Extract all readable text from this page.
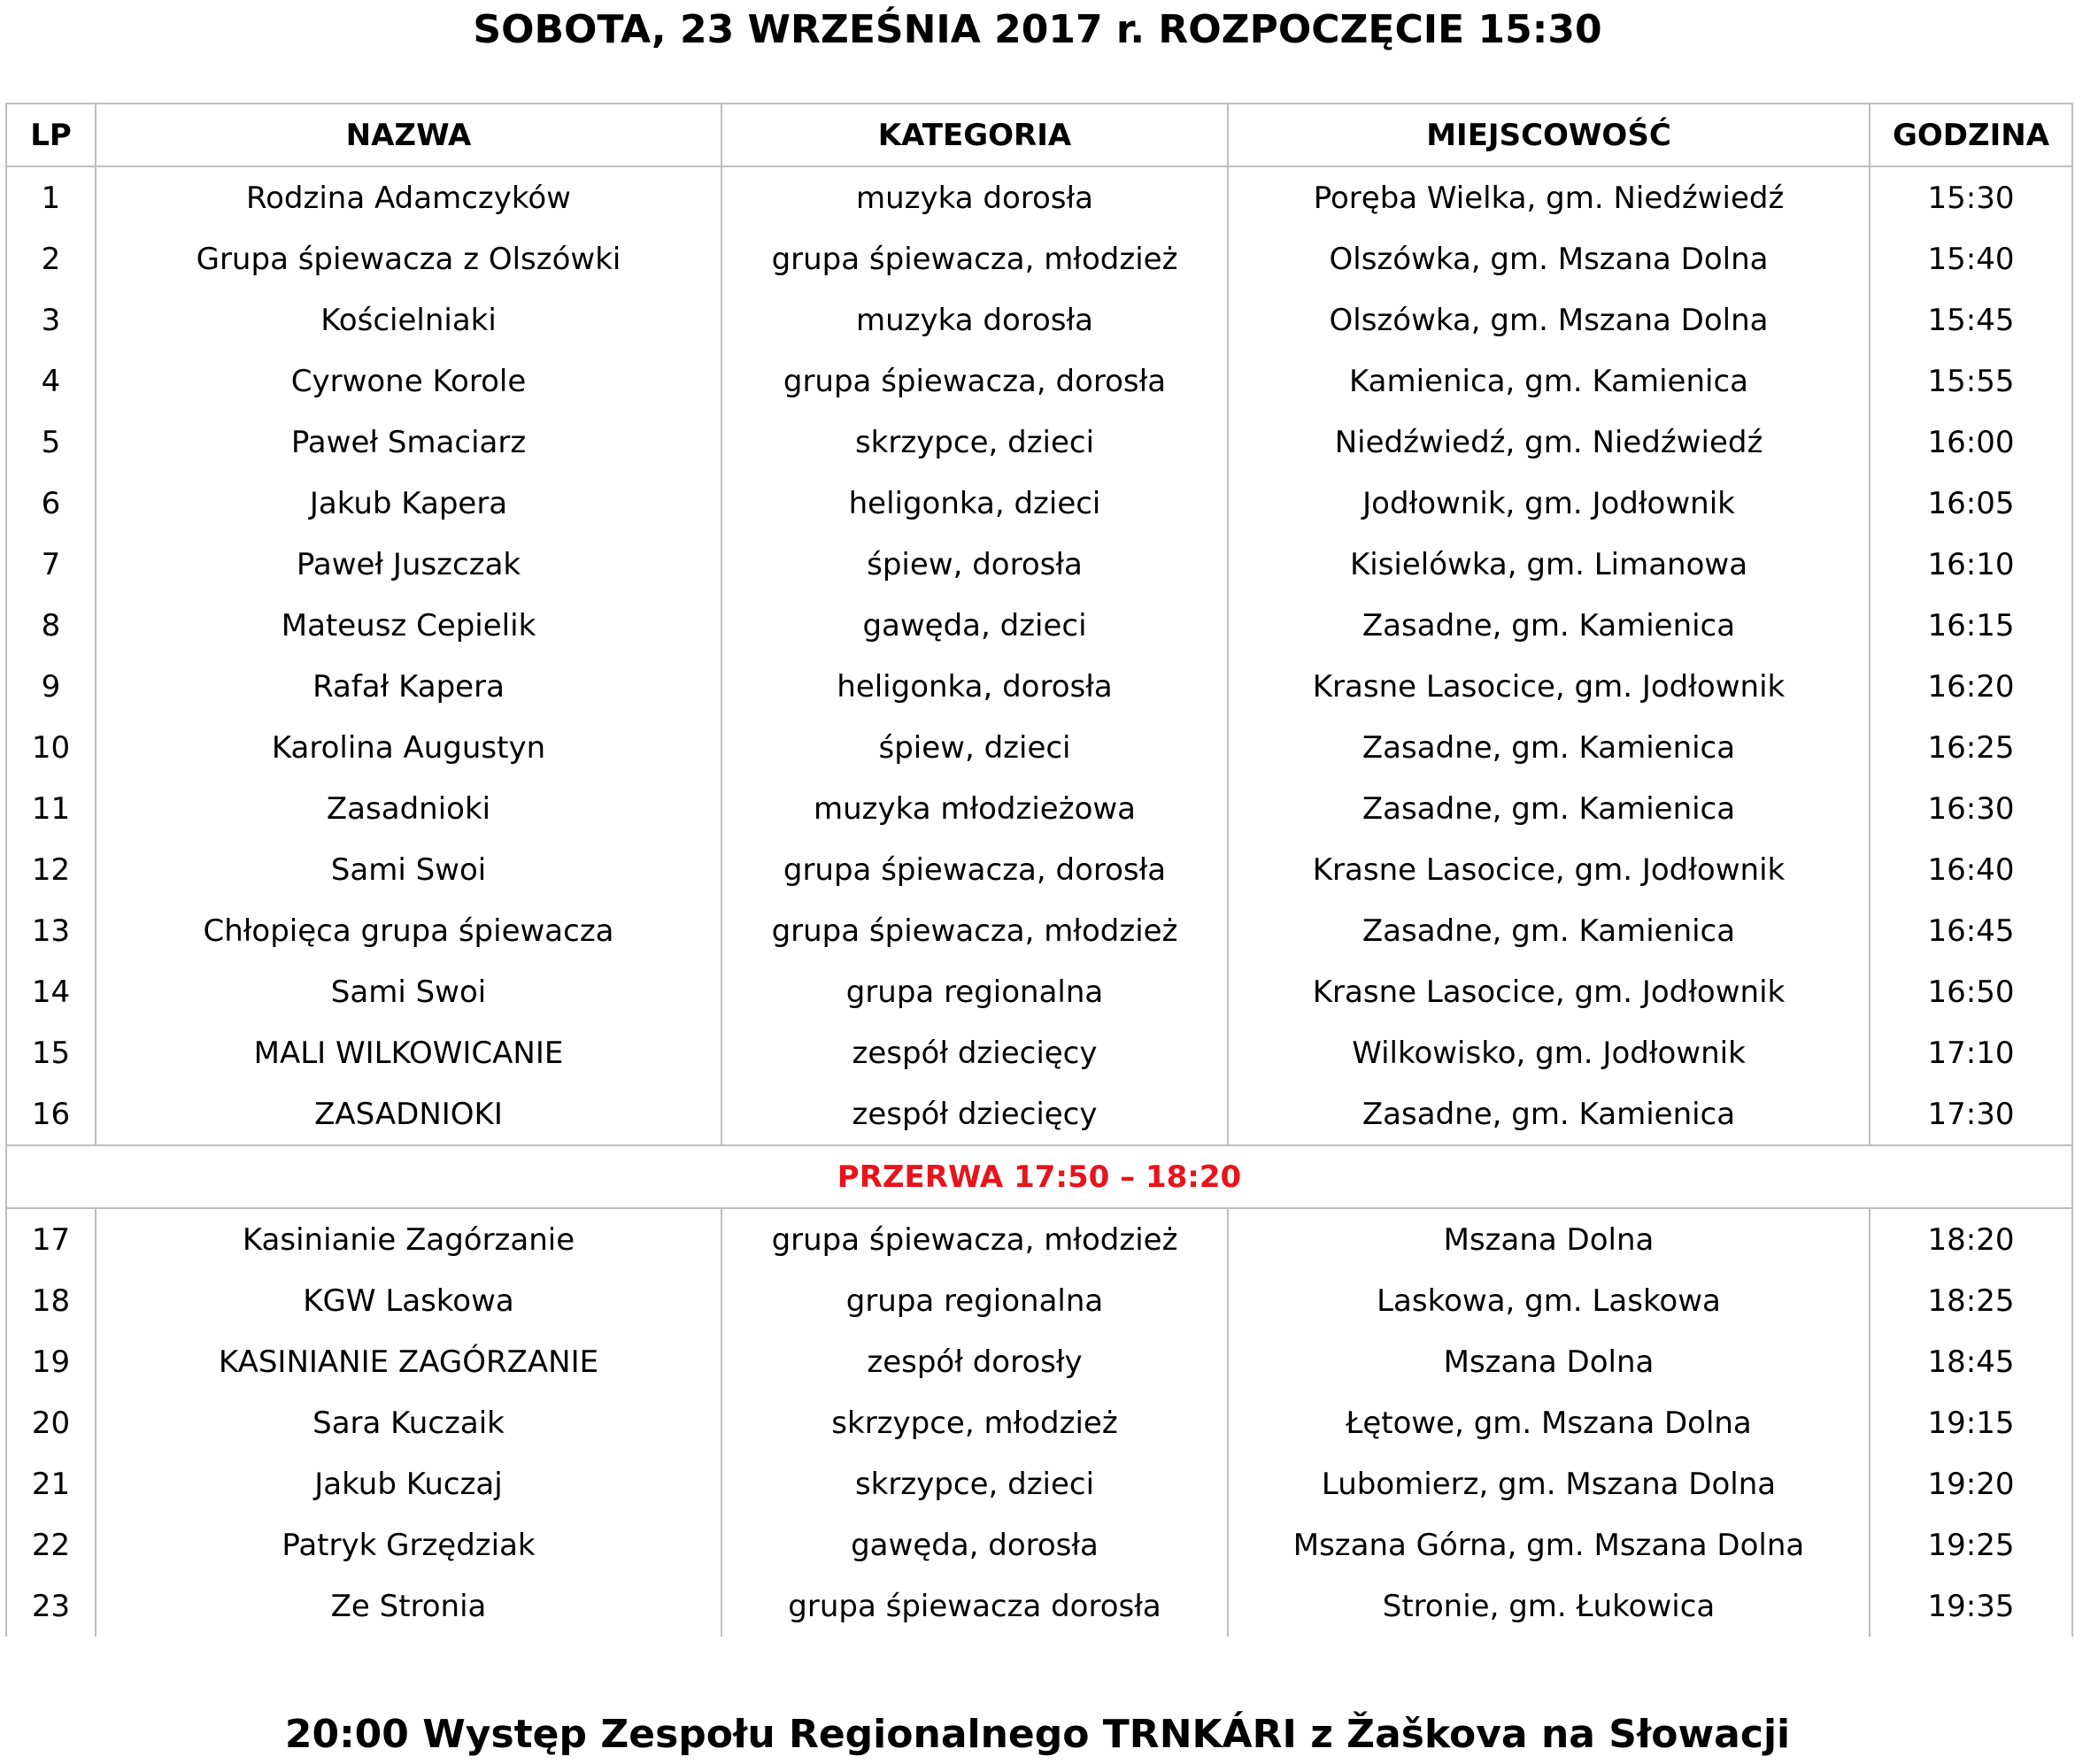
SOBOTA, 23 WRZEŚNIA 2017 r. ROZPOCZĘCIE 15:30
LP	NAZWA	KATEGORIA	MIEJSCOWOŚĆ	GODZINA
1	Rodzina Adamczyków	muzyka dorosła	Poręba Wielka, gm. Niedźwiedź	15:30
2	Grupa śpiewacza z Olszówki	grupa śpiewacza, młodzież	Olszówka, gm. Mszana Dolna	15:40
3	Kościelniaki	muzyka dorosła	Olszówka, gm. Mszana Dolna	15:45
4	Cyrwone Korole	grupa śpiewacza, dorosła	Kamienica, gm. Kamienica	15:55
5	Paweł Smaciarz	skrzypce, dzieci	Niedźwiedź, gm. Niedźwiedź	16:00
6	Jakub Kapera	heligonka, dzieci	Jodłownik, gm. Jodłownik	16:05
7	Paweł Juszczak	śpiew, dorosła	Kisielówka, gm. Limanowa	16:10
8	Mateusz Cepielik	gawęda, dzieci	Zasadne, gm. Kamienica	16:15
9	Rafał Kapera	heligonka, dorosła	Krasne Lasocice, gm. Jodłownik	16:20
10	Karolina Augustyn	śpiew, dzieci	Zasadne, gm. Kamienica	16:25
11	Zasadnioki	muzyka młodzieżowa	Zasadne, gm. Kamienica	16:30
12	Sami Swoi	grupa śpiewacza, dorosła	Krasne Lasocice, gm. Jodłownik	16:40
13	Chłopięca grupa śpiewacza	grupa śpiewacza, młodzież	Zasadne, gm. Kamienica	16:45
14	Sami Swoi	grupa regionalna	Krasne Lasocice, gm. Jodłownik	16:50
15	MALI WILKOWICANIE	zespół dziecięcy	Wilkowisko, gm. Jodłownik	17:10
16	ZASADNIOKI	zespół dziecięcy	Zasadne, gm. Kamienica	17:30
PRZERWA 17:50 – 18:20				
17	Kasinianie Zagórzanie	grupa śpiewacza, młodzież	Mszana Dolna	18:20
18	KGW Laskowa	grupa regionalna	Laskowa, gm. Laskowa	18:25
19	KASINIANIE ZAGÓRZANIE	zespół dorosły	Mszana Dolna	18:45
20	Sara Kuczaik	skrzypce, młodzież	Łętowe, gm. Mszana Dolna	19:15
21	Jakub Kuczaj	skrzypce, dzieci	Lubomierz, gm. Mszana Dolna	19:20
22	Patryk Grzędziak	gawęda, dorosła	Mszana Górna, gm. Mszana Dolna	19:25
23	Ze Stronia	grupa śpiewacza dorosła	Stronie, gm. Łukowica	19:35
20:00 Występ Zespołu Regionalnego TRNKÁRI z Žaškova na Słowacji
